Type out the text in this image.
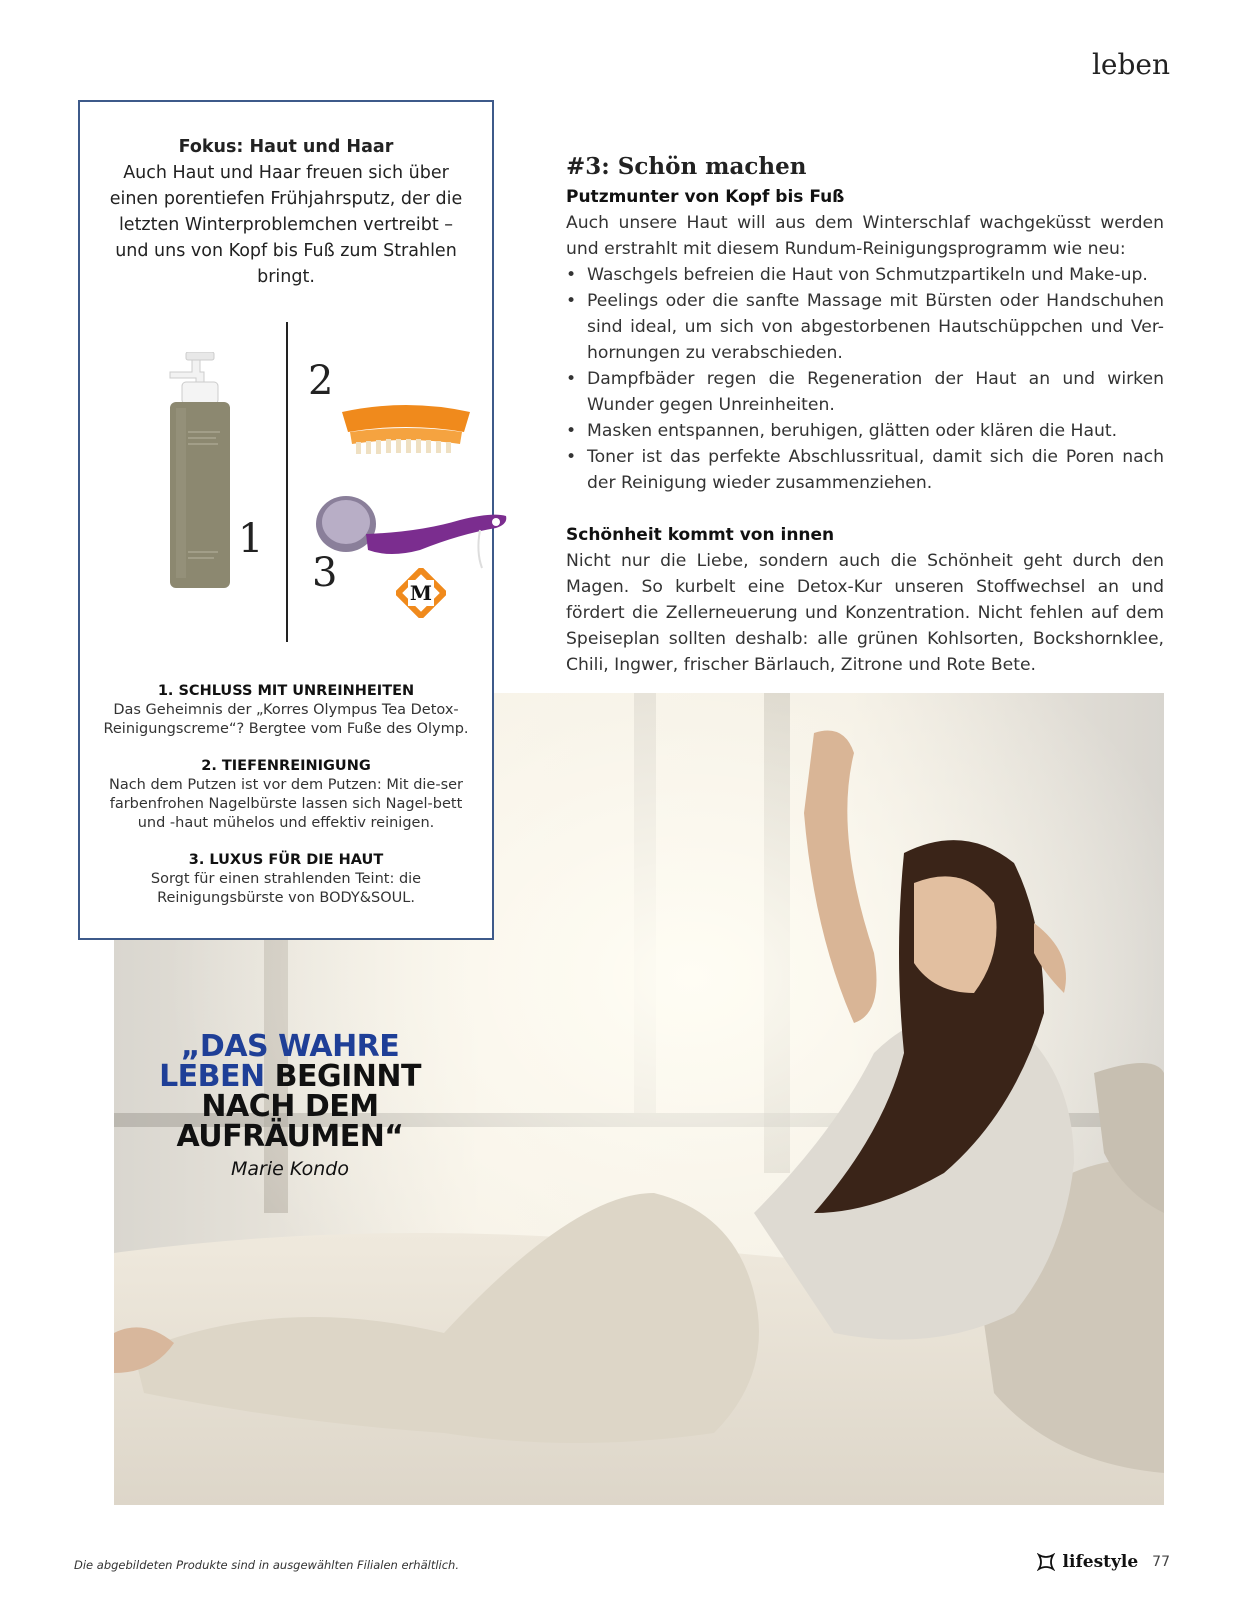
leben
Fokus: Haut und Haar
Auch Haut und Haar freuen sich über einen porentiefen Frühjahrsputz, der die letzten Winterproblemchen vertreibt – und uns von Kopf bis Fuß zum Strahlen bringt.
1
2
3	M
1. SCHLUSS MIT UNREINHEITEN
Das Geheimnis der „Korres Olympus Tea Detox-Reinigungscreme“? Bergtee vom Fuße des Olymp.
2. TIEFENREINIGUNG
Nach dem Putzen ist vor dem Putzen: Mit die-ser farbenfrohen Nagelbürste lassen sich Nagel-bett und -haut mühelos und effektiv reinigen.
3. LUXUS FÜR DIE HAUT
Sorgt für einen strahlenden Teint: die Reinigungsbürste von BODY&SOUL.
#3: Schön machen
Putzmunter von Kopf bis Fuß

Auch unsere Haut will aus dem Winterschlaf wachgeküsst werden und erstrahlt mit diesem Rundum-Reinigungsprogramm wie neu:

• Waschgels befreien die Haut von Schmutzpartikeln und Make-up.
• Peelings oder die sanfte Massage mit Bürsten oder Handschuhen sind ideal, um sich von abgestorbenen Hautschüppchen und Ver-hornungen zu verabschieden.
• Dampfbäder regen die Regeneration der Haut an und wirken Wunder gegen Unreinheiten.
• Masken entspannen, beruhigen, glätten oder klären die Haut.
• Toner ist das perfekte Abschlussritual, damit sich die Poren nach der Reinigung wieder zusammenziehen.
Schönheit kommt von innen

Nicht nur die Liebe, sondern auch die Schönheit geht durch den Magen. So kurbelt eine Detox-Kur unseren Stoffwechsel an und fördert die Zellerneuerung und Konzentration. Nicht fehlen auf dem Speiseplan sollten deshalb: alle grünen Kohlsorten, Bockshornklee, Chili, Ingwer, frischer Bärlauch, Zitrone und Rote Bete.

„DAS WAHRE LEBEN BEGINNT NACH DEM AUFRÄUMEN“
Marie Kondo
Die abgebildeten Produkte sind in ausgewählten Filialen erhältlich.	lifestyle 77
